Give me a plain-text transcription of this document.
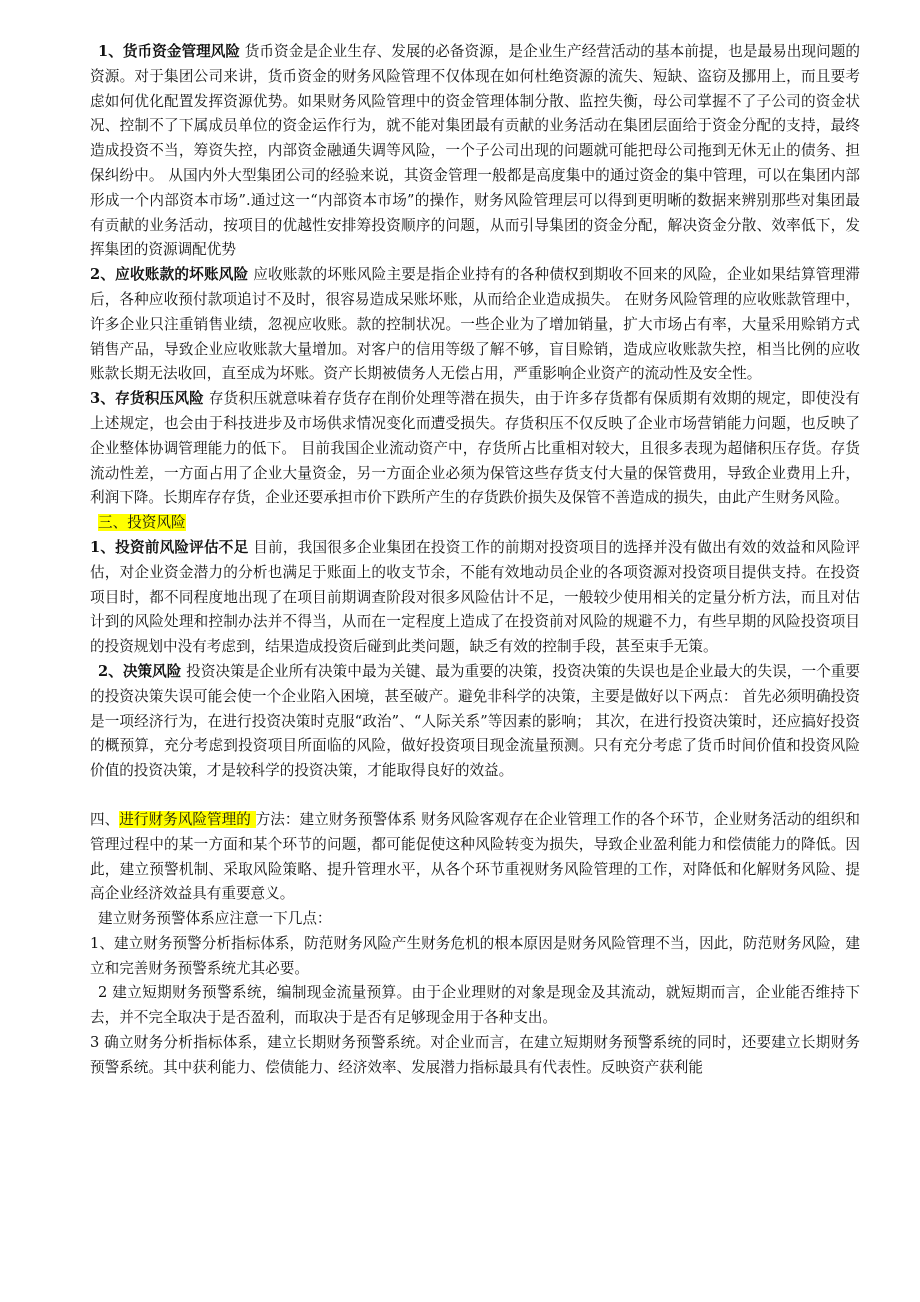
1、货币资金管理风险 货币资金是企业生存、发展的必备资源，是企业生产经营活动的基本前提，也是最易出现问题的资源。对于集团公司来讲，货币资金的财务风险管理不仅体现在如何杜绝资源的流失、短缺、盗窃及挪用上，而且要考虑如何优化配置发挥资源优势。如果财务风险管理中的资金管理体制分散、监控失衡，母公司掌握不了子公司的资金状况、控制不了下属成员单位的资金运作行为，就不能对集团最有贡献的业务活动在集团层面给于资金分配的支持，最终造成投资不当，筹资失控，内部资金融通失调等风险，一个子公司出现的问题就可能把母公司拖到无休无止的债务、担保纠纷中。 从国内外大型集团公司的经验来说，其资金管理一般都是高度集中的通过资金的集中管理，可以在集团内部形成一个内部资本市场”.通过这一“内部资本市场”的操作，财务风险管理层可以得到更明晰的数据来辨别那些对集团最有贡献的业务活动，按项目的优越性安排筹投资顺序的问题，从而引导集团的资金分配，解决资金分散、效率低下，发挥集团的资源调配优势

2、应收账款的坏账风险 应收账款的坏账风险主要是指企业持有的各种债权到期收不回来的风险，企业如果结算管理滞后，各种应收预付款项追讨不及时，很容易造成呆账坏账，从而给企业造成损失。 在财务风险管理的应收账款管理中，许多企业只注重销售业绩，忽视应收账。款的控制状况。一些企业为了增加销量，扩大市场占有率，大量采用赊销方式销售产品，导致企业应收账款大量增加。对客户的信用等级了解不够，盲目赊销，造成应收账款失控，相当比例的应收账款长期无法收回，直至成为坏账。资产长期被债务人无偿占用，严重影响企业资产的流动性及安全性。

3、存货积压风险 存货积压就意味着存货存在削价处理等潜在损失，由于许多存货都有保质期有效期的规定，即使没有上述规定，也会由于科技进步及市场供求情况变化而遭受损失。存货积压不仅反映了企业市场营销能力问题，也反映了企业整体协调管理能力的低下。 目前我国企业流动资产中，存货所占比重相对较大，且很多表现为超储积压存货。存货流动性差，一方面占用了企业大量资金，另一方面企业必须为保管这些存货支付大量的保管费用，导致企业费用上升，利润下降。长期库存存货，企业还要承担市价下跌所产生的存货跌价损失及保管不善造成的损失，由此产生财务风险。

三、投资风险

1、投资前风险评估不足 目前，我国很多企业集团在投资工作的前期对投资项目的选择并没有做出有效的效益和风险评估，对企业资金潜力的分析也满足于账面上的收支节余，不能有效地动员企业的各项资源对投资项目提供支持。在投资 项目时，都不同程度地出现了在项目前期调查阶段对很多风险估计不足，一般较少使用相关的定量分析方法，而且对估计到的风险处理和控制办法并不得当，从而在一定程度上造成了在投资前对风险的规避不力，有些早期的风险投资项目的投资规划中没有考虑到，结果造成投资后碰到此类问题，缺乏有效的控制手段，甚至束手无策。

2、决策风险 投资决策是企业所有决策中最为关键、最为重要的决策，投资决策的失误也是企业最大的失误，一个重要的投资决策失误可能会使一个企业陷入困境，甚至破产。避免非科学的决策，主要是做好以下两点： 首先必须明确投资是一项经济行为，在进行投资决策时克服“政治”、“人际关系”等因素的影响； 其次，在进行投资决策时，还应搞好投资的概预算，充分考虑到投资项目所面临的风险，做好投资项目现金流量预测。只有充分考虑了货币时间价值和投资风险价值的投资决策，才是较科学的投资决策，才能取得良好的效益。

四、进行财务风险管理的 方法：建立财务预警体系 财务风险客观存在企业管理工作的各个环节，企业财务活动的组织和管理过程中的某一方面和某个环节的问题，都可能促使这种风险转变为损失，导致企业盈利能力和偿债能力的降低。因此，建立预警机制、采取风险策略、提升管理水平，从各个环节重视财务风险管理的工作，对降低和化解财务风险、提高企业经济效益具有重要意义。

建立财务预警体系应注意一下几点：

1、建立财务预警分析指标体系，防范财务风险产生财务危机的根本原因是财务风险管理不当，因此，防范财务风险，建立和完善财务预警系统尤其必要。

2 建立短期财务预警系统，编制现金流量预算。由于企业理财的对象是现金及其流动，就短期而言，企业能否维持下去，并不完全取决于是否盈利，而取决于是否有足够现金用于各种支出。

3 确立财务分析指标体系，建立长期财务预警系统。对企业而言，在建立短期财务预警系统的同时，还要建立长期财务预警系统。其中获利能力、偿债能力、经济效率、发展潜力指标最具有代表性。反映资产获利能
